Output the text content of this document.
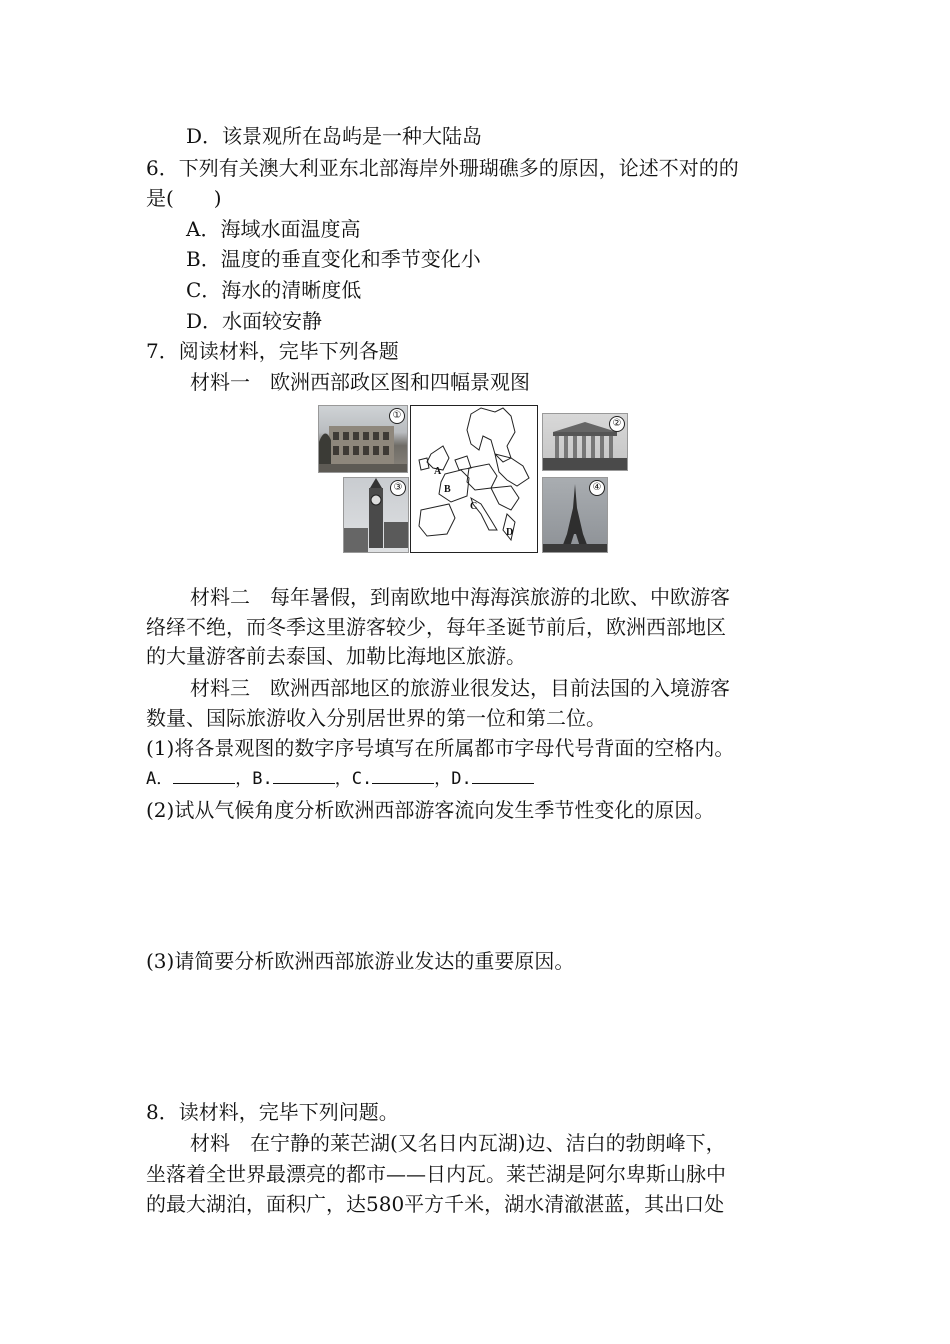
D．该景观所在岛屿是一种大陆岛
6．下列有关澳大利亚东北部海岸外珊瑚礁多的原因，论述不对的的
是(　　)
A．海域水面温度高
B．温度的垂直变化和季节变化小
C．海水的清晰度低
D．水面较安静
7．阅读材料，完毕下列各题
材料一　欧洲西部政区图和四幅景观图
①
③
A
B
C
D
②
④
材料二　每年暑假，到南欧地中海海滨旅游的北欧、中欧游客
络绎不绝，而冬季这里游客较少，每年圣诞节前后，欧洲西部地区
的大量游客前去泰国、加勒比海地区旅游。
材料三　欧洲西部地区的旅游业很发达，目前法国的入境游客
数量、国际旅游收入分别居世界的第一位和第二位。
(1)将各景观图的数字序号填写在所属都市字母代号背面的空格内。
A．	，B.	，C.	，D.
(2)试从气候角度分析欧洲西部游客流向发生季节性变化的原因。
(3)请简要分析欧洲西部旅游业发达的重要原因。
8．读材料，完毕下列问题。
材料　在宁静的莱芒湖(又名日内瓦湖)边、洁白的勃朗峰下，
坐落着全世界最漂亮的都市——日内瓦。莱芒湖是阿尔卑斯山脉中
的最大湖泊，面积广，达580平方千米，湖水清澈湛蓝，其出口处
